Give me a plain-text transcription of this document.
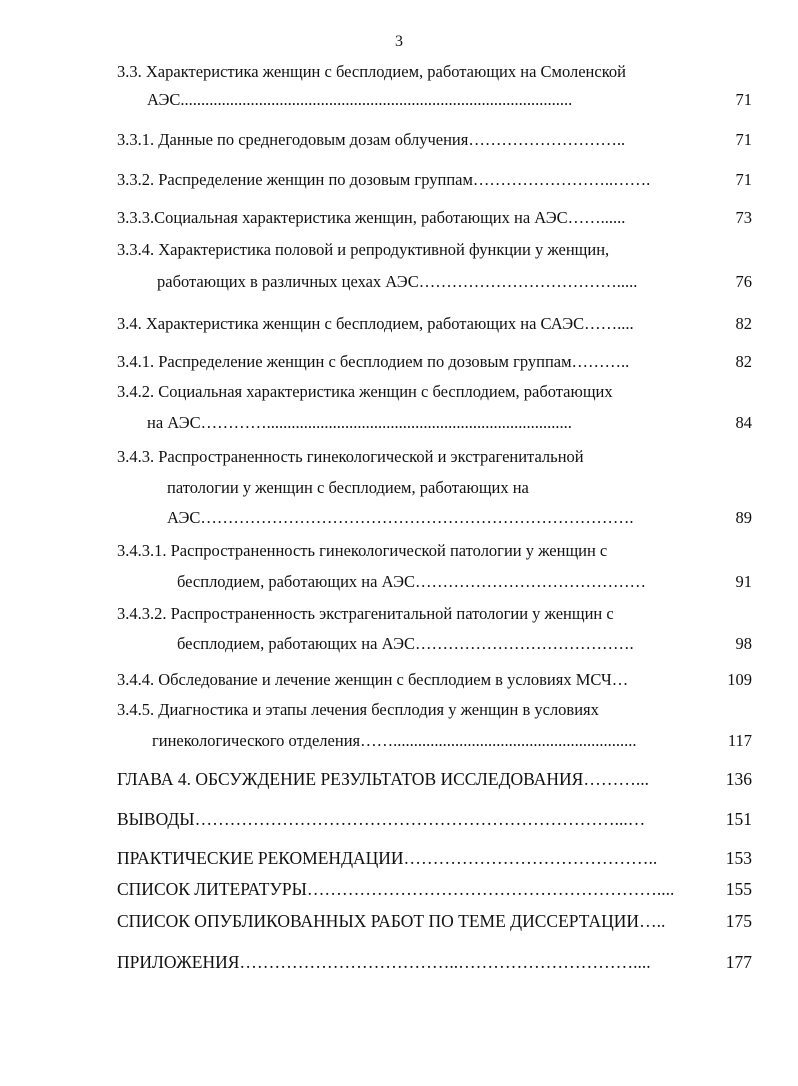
3
3.3. Характеристика женщин с бесплодием, работающих на Смоленской
АЭС...............................................................................................	71
3.3.1. Данные по среднегодовым дозам облучения………………………..	71
3.3.2. Распределение женщин по дозовым группам……………………..…….	71
3.3.3.Социальная характеристика женщин, работающих на АЭС……......	73
3.3.4. Характеристика половой и репродуктивной функции у женщин,
работающих в различных цехах АЭС……………………………….....	76
3.4. Характеристика женщин с бесплодием, работающих на САЭС……....	82
3.4.1. Распределение женщин с бесплодием по дозовым группам………..	82
3.4.2. Социальная характеристика женщин с бесплодием, работающих
на АЭС…………..........................................................................	84
3.4.3. Распространенность гинекологической и экстрагенитальной
патологии у женщин с бесплодием, работающих на
АЭС…………………………………………………………………….	89
3.4.3.1. Распространенность гинекологической патологии у женщин с
бесплодием, работающих на АЭС……………………………………	91
3.4.3.2. Распространенность экстрагенитальной патологии у женщин с
бесплодием, работающих на АЭС………………………………….	98
3.4.4. Обследование и лечение женщин с бесплодием в условиях МСЧ…	109
3.4.5. Диагностика и этапы лечения бесплодия у женщин в условиях
гинекологического отделения……...........................................................	117
ГЛАВА 4. ОБСУЖДЕНИЕ РЕЗУЛЬТАТОВ ИССЛЕДОВАНИЯ………...	136
ВЫВОДЫ………………………………………………………………...…	151
ПРАКТИЧЕСКИЕ РЕКОМЕНДАЦИИ……………………………………..	153
СПИСОК ЛИТЕРАТУРЫ……………………………………………………....	155
СПИСОК ОПУБЛИКОВАННЫХ РАБОТ ПО ТЕМЕ ДИССЕРТАЦИИ…..	175
ПРИЛОЖЕНИЯ………………………………..…………………………....	177
